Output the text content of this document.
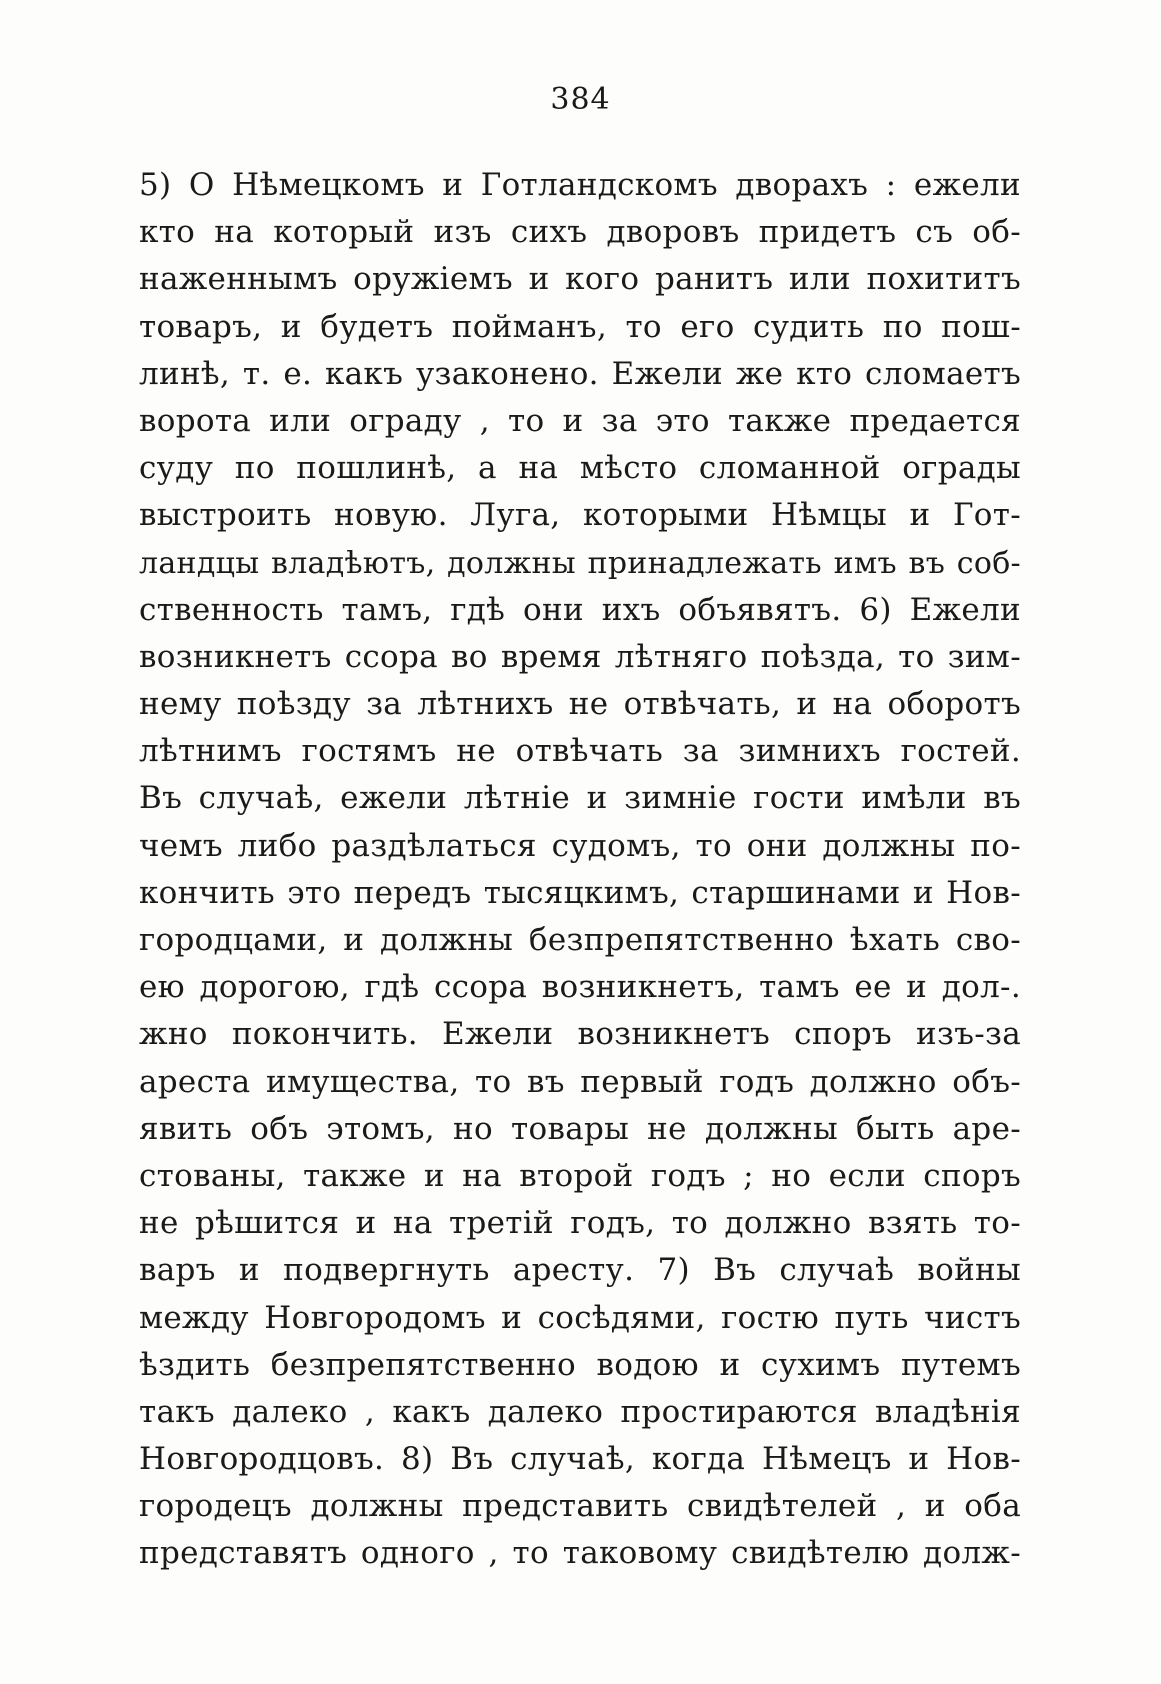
384
5) О Нѣмецкомъ и Готландскомъ дворахъ : ежели
кто на который изъ сихъ дворовъ придетъ съ об-
наженнымъ оружіемъ и кого ранитъ или похититъ
товаръ, и будетъ пойманъ, то его судить по пош-
линѣ, т. е. какъ узаконено. Ежели же кто сломаетъ
ворота или ограду , то и за это также предается
суду по пошлинѣ, а на мѣсто сломанной ограды
выстроить новую. Луга, которыми Нѣмцы и Гот-
ландцы владѣютъ, должны принадлежать имъ въ соб-
ственность тамъ, гдѣ они ихъ объявятъ. 6) Ежели
возникнетъ ссора во время лѣтняго поѣзда, то зим-
нему поѣзду за лѣтнихъ не отвѣчать, и на оборотъ
лѣтнимъ гостямъ не отвѣчать за зимнихъ гостей.
Въ случаѣ, ежели лѣтніе и зимніе гости имѣли въ
чемъ либо раздѣлаться судомъ, то они должны по-
кончить это передъ тысяцкимъ, старшинами и Нов-
городцами, и должны безпрепятственно ѣхать сво-
ею дорогою, гдѣ ссора возникнетъ, тамъ ее и дол-.
жно покончить. Ежели возникнетъ споръ изъ-за
ареста имущества, то въ первый годъ должно объ-
явить объ этомъ, но товары не должны быть аре-
стованы, также и на второй годъ ; но если споръ
не рѣшится и на третій годъ, то должно взять то-
варъ и подвергнуть аресту. 7) Въ случаѣ войны
между Новгородомъ и сосѣдями, гостю путь чистъ
ѣздить безпрепятственно водою и сухимъ путемъ
такъ далеко , какъ далеко простираются владѣнія
Новгородцовъ. 8) Въ случаѣ, когда Нѣмецъ и Нов-
городецъ должны представить свидѣтелей , и оба
представятъ одного , то таковому свидѣтелю долж-
